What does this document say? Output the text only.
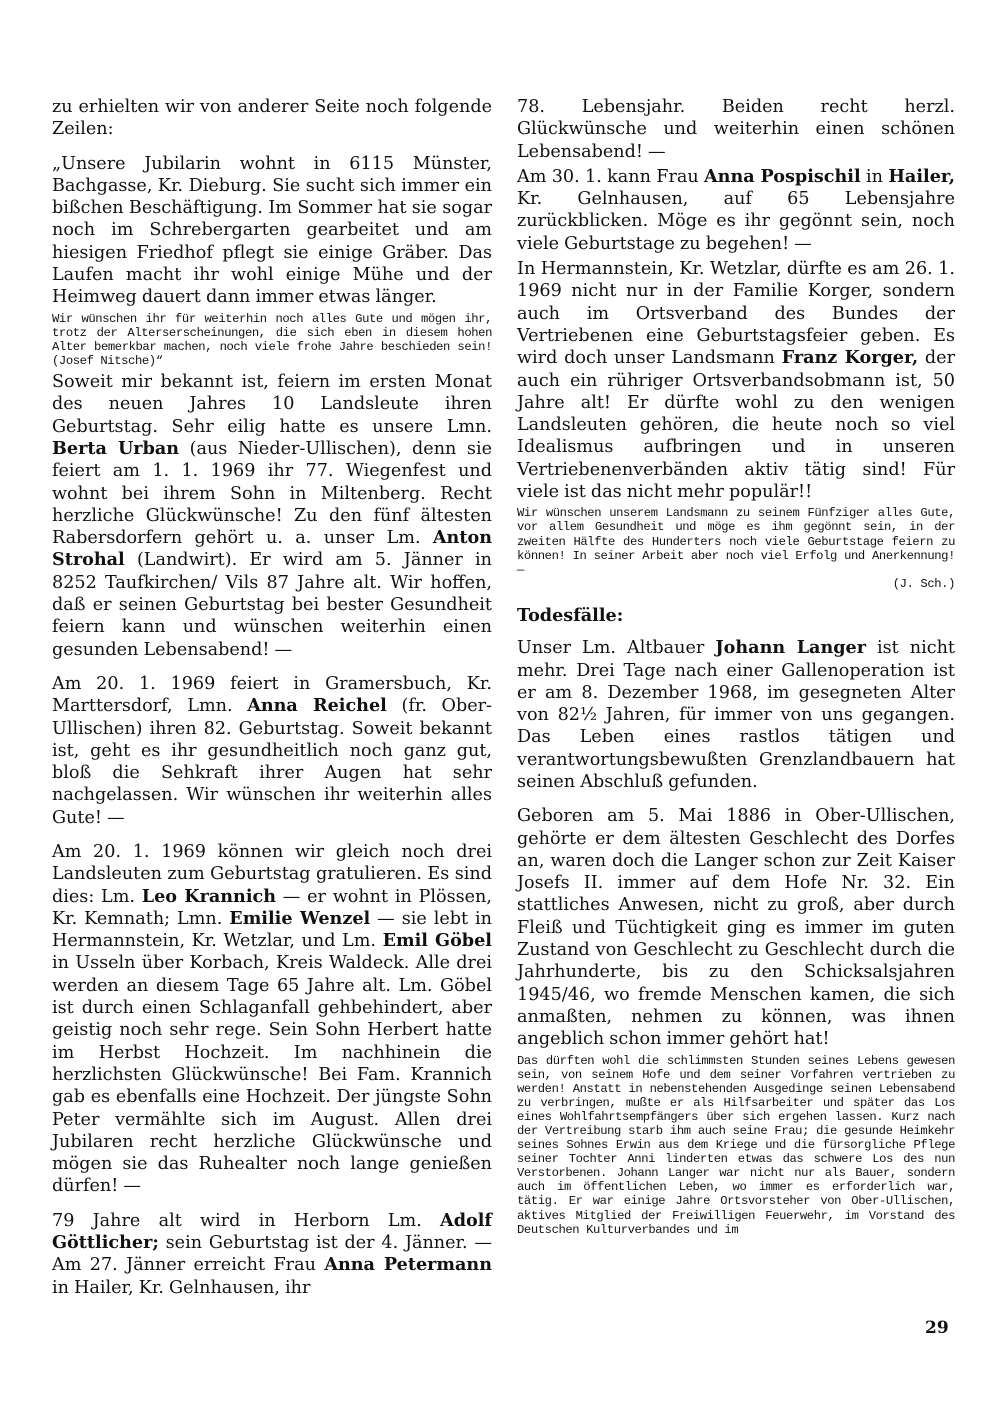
zu erhielten wir von anderer Seite noch folgende Zeilen:

„Unsere Jubilarin wohnt in 6115 Münster, Bachgasse, Kr. Dieburg. Sie sucht sich immer ein bißchen Beschäftigung. Im Sommer hat sie sogar noch im Schrebergarten gearbeitet und am hiesigen Friedhof pflegt sie einige Gräber. Das Laufen macht ihr wohl einige Mühe und der Heimweg dauert dann immer etwas länger.

Wir wünschen ihr für weiterhin noch alles Gute und mögen ihr, trotz der Alterserscheinungen, die sich eben in diesem hohen Alter bemerkbar machen, noch viele frohe Jahre beschieden sein! (Josef Nitsche)“

Soweit mir bekannt ist, feiern im ersten Monat des neuen Jahres 10 Landsleute ihren Geburtstag. Sehr eilig hatte es unsere Lmn. Berta Urban (aus Nieder-Ullischen), denn sie feiert am 1. 1. 1969 ihr 77. Wiegenfest und wohnt bei ihrem Sohn in Miltenberg. Recht herzliche Glückwünsche! Zu den fünf ältesten Rabersdorfern gehört u. a. unser Lm. Anton Strohal (Landwirt). Er wird am 5. Jänner in 8252 Taufkirchen/ Vils 87 Jahre alt. Wir hoffen, daß er seinen Geburtstag bei bester Gesundheit feiern kann und wünschen weiterhin einen gesunden Lebensabend! —

Am 20. 1. 1969 feiert in Gramersbuch, Kr. Marttersdorf, Lmn. Anna Reichel (fr. Ober-Ullischen) ihren 82. Geburtstag. Soweit bekannt ist, geht es ihr gesundheitlich noch ganz gut, bloß die Sehkraft ihrer Augen hat sehr nachgelassen. Wir wünschen ihr weiterhin alles Gute! —

Am 20. 1. 1969 können wir gleich noch drei Landsleuten zum Geburtstag gratulieren. Es sind dies: Lm. Leo Krannich — er wohnt in Plössen, Kr. Kemnath; Lmn. Emilie Wenzel — sie lebt in Hermannstein, Kr. Wetzlar, und Lm. Emil Göbel in Usseln über Korbach, Kreis Waldeck. Alle drei werden an diesem Tage 65 Jahre alt. Lm. Göbel ist durch einen Schlaganfall gehbehindert, aber geistig noch sehr rege. Sein Sohn Herbert hatte im Herbst Hochzeit. Im nachhinein die herzlichsten Glückwünsche! Bei Fam. Krannich gab es ebenfalls eine Hochzeit. Der jüngste Sohn Peter vermählte sich im August. Allen drei Jubilaren recht herzliche Glückwünsche und mögen sie das Ruhealter noch lange genießen dürfen! —

79 Jahre alt wird in Herborn Lm. Adolf Göttlicher; sein Geburtstag ist der 4. Jänner. — Am 27. Jänner erreicht Frau Anna Petermann in Hailer, Kr. Gelnhausen, ihr

78. Lebensjahr. Beiden recht herzl. Glückwünsche und weiterhin einen schönen Lebensabend! —

Am 30. 1. kann Frau Anna Pospischil in Hailer, Kr. Gelnhausen, auf 65 Lebensjahre zurückblicken. Möge es ihr gegönnt sein, noch viele Geburtstage zu begehen! —

In Hermannstein, Kr. Wetzlar, dürfte es am 26. 1. 1969 nicht nur in der Familie Korger, sondern auch im Ortsverband des Bundes der Vertriebenen eine Geburtstagsfeier geben. Es wird doch unser Landsmann Franz Korger, der auch ein rühriger Ortsverbandsobmann ist, 50 Jahre alt! Er dürfte wohl zu den wenigen Landsleuten gehören, die heute noch so viel Idealismus aufbringen und in unseren Vertriebenenverbänden aktiv tätig sind! Für viele ist das nicht mehr populär!!

Wir wünschen unserem Landsmann zu seinem Fünfziger alles Gute, vor allem Gesundheit und möge es ihm gegönnt sein, in der zweiten Hälfte des Hunderters noch viele Geburtstage feiern zu können! In seiner Arbeit aber noch viel Erfolg und Anerkennung! —

(J. Sch.)

Todesfälle:

Unser Lm. Altbauer Johann Langer ist nicht mehr. Drei Tage nach einer Gallenoperation ist er am 8. Dezember 1968, im gesegneten Alter von 82½ Jahren, für immer von uns gegangen. Das Leben eines rastlos tätigen und verantwortungsbewußten Grenzlandbauern hat seinen Abschluß gefunden.

Geboren am 5. Mai 1886 in Ober-Ullischen, gehörte er dem ältesten Geschlecht des Dorfes an, waren doch die Langer schon zur Zeit Kaiser Josefs II. immer auf dem Hofe Nr. 32. Ein stattliches Anwesen, nicht zu groß, aber durch Fleiß und Tüchtigkeit ging es immer im guten Zustand von Geschlecht zu Geschlecht durch die Jahrhunderte, bis zu den Schicksalsjahren 1945/46, wo fremde Menschen kamen, die sich anmaßten, nehmen zu können, was ihnen angeblich schon immer gehört hat!

Das dürften wohl die schlimmsten Stunden seines Lebens gewesen sein, von seinem Hofe und dem seiner Vorfahren vertrieben zu werden! Anstatt in nebenstehenden Ausgedinge seinen Lebensabend zu verbringen, mußte er als Hilfsarbeiter und später das Los eines Wohlfahrtsempfängers über sich ergehen lassen. Kurz nach der Vertreibung starb ihm auch seine Frau; die gesunde Heimkehr seines Sohnes Erwin aus dem Kriege und die fürsorgliche Pflege seiner Tochter Anni linderten etwas das schwere Los des nun Verstorbenen. Johann Langer war nicht nur als Bauer, sondern auch im öffentlichen Leben, wo immer es erforderlich war, tätig. Er war einige Jahre Ortsvorsteher von Ober-Ullischen, aktives Mitglied der Freiwilligen Feuerwehr, im Vorstand des Deutschen Kulturverbandes und im

29
